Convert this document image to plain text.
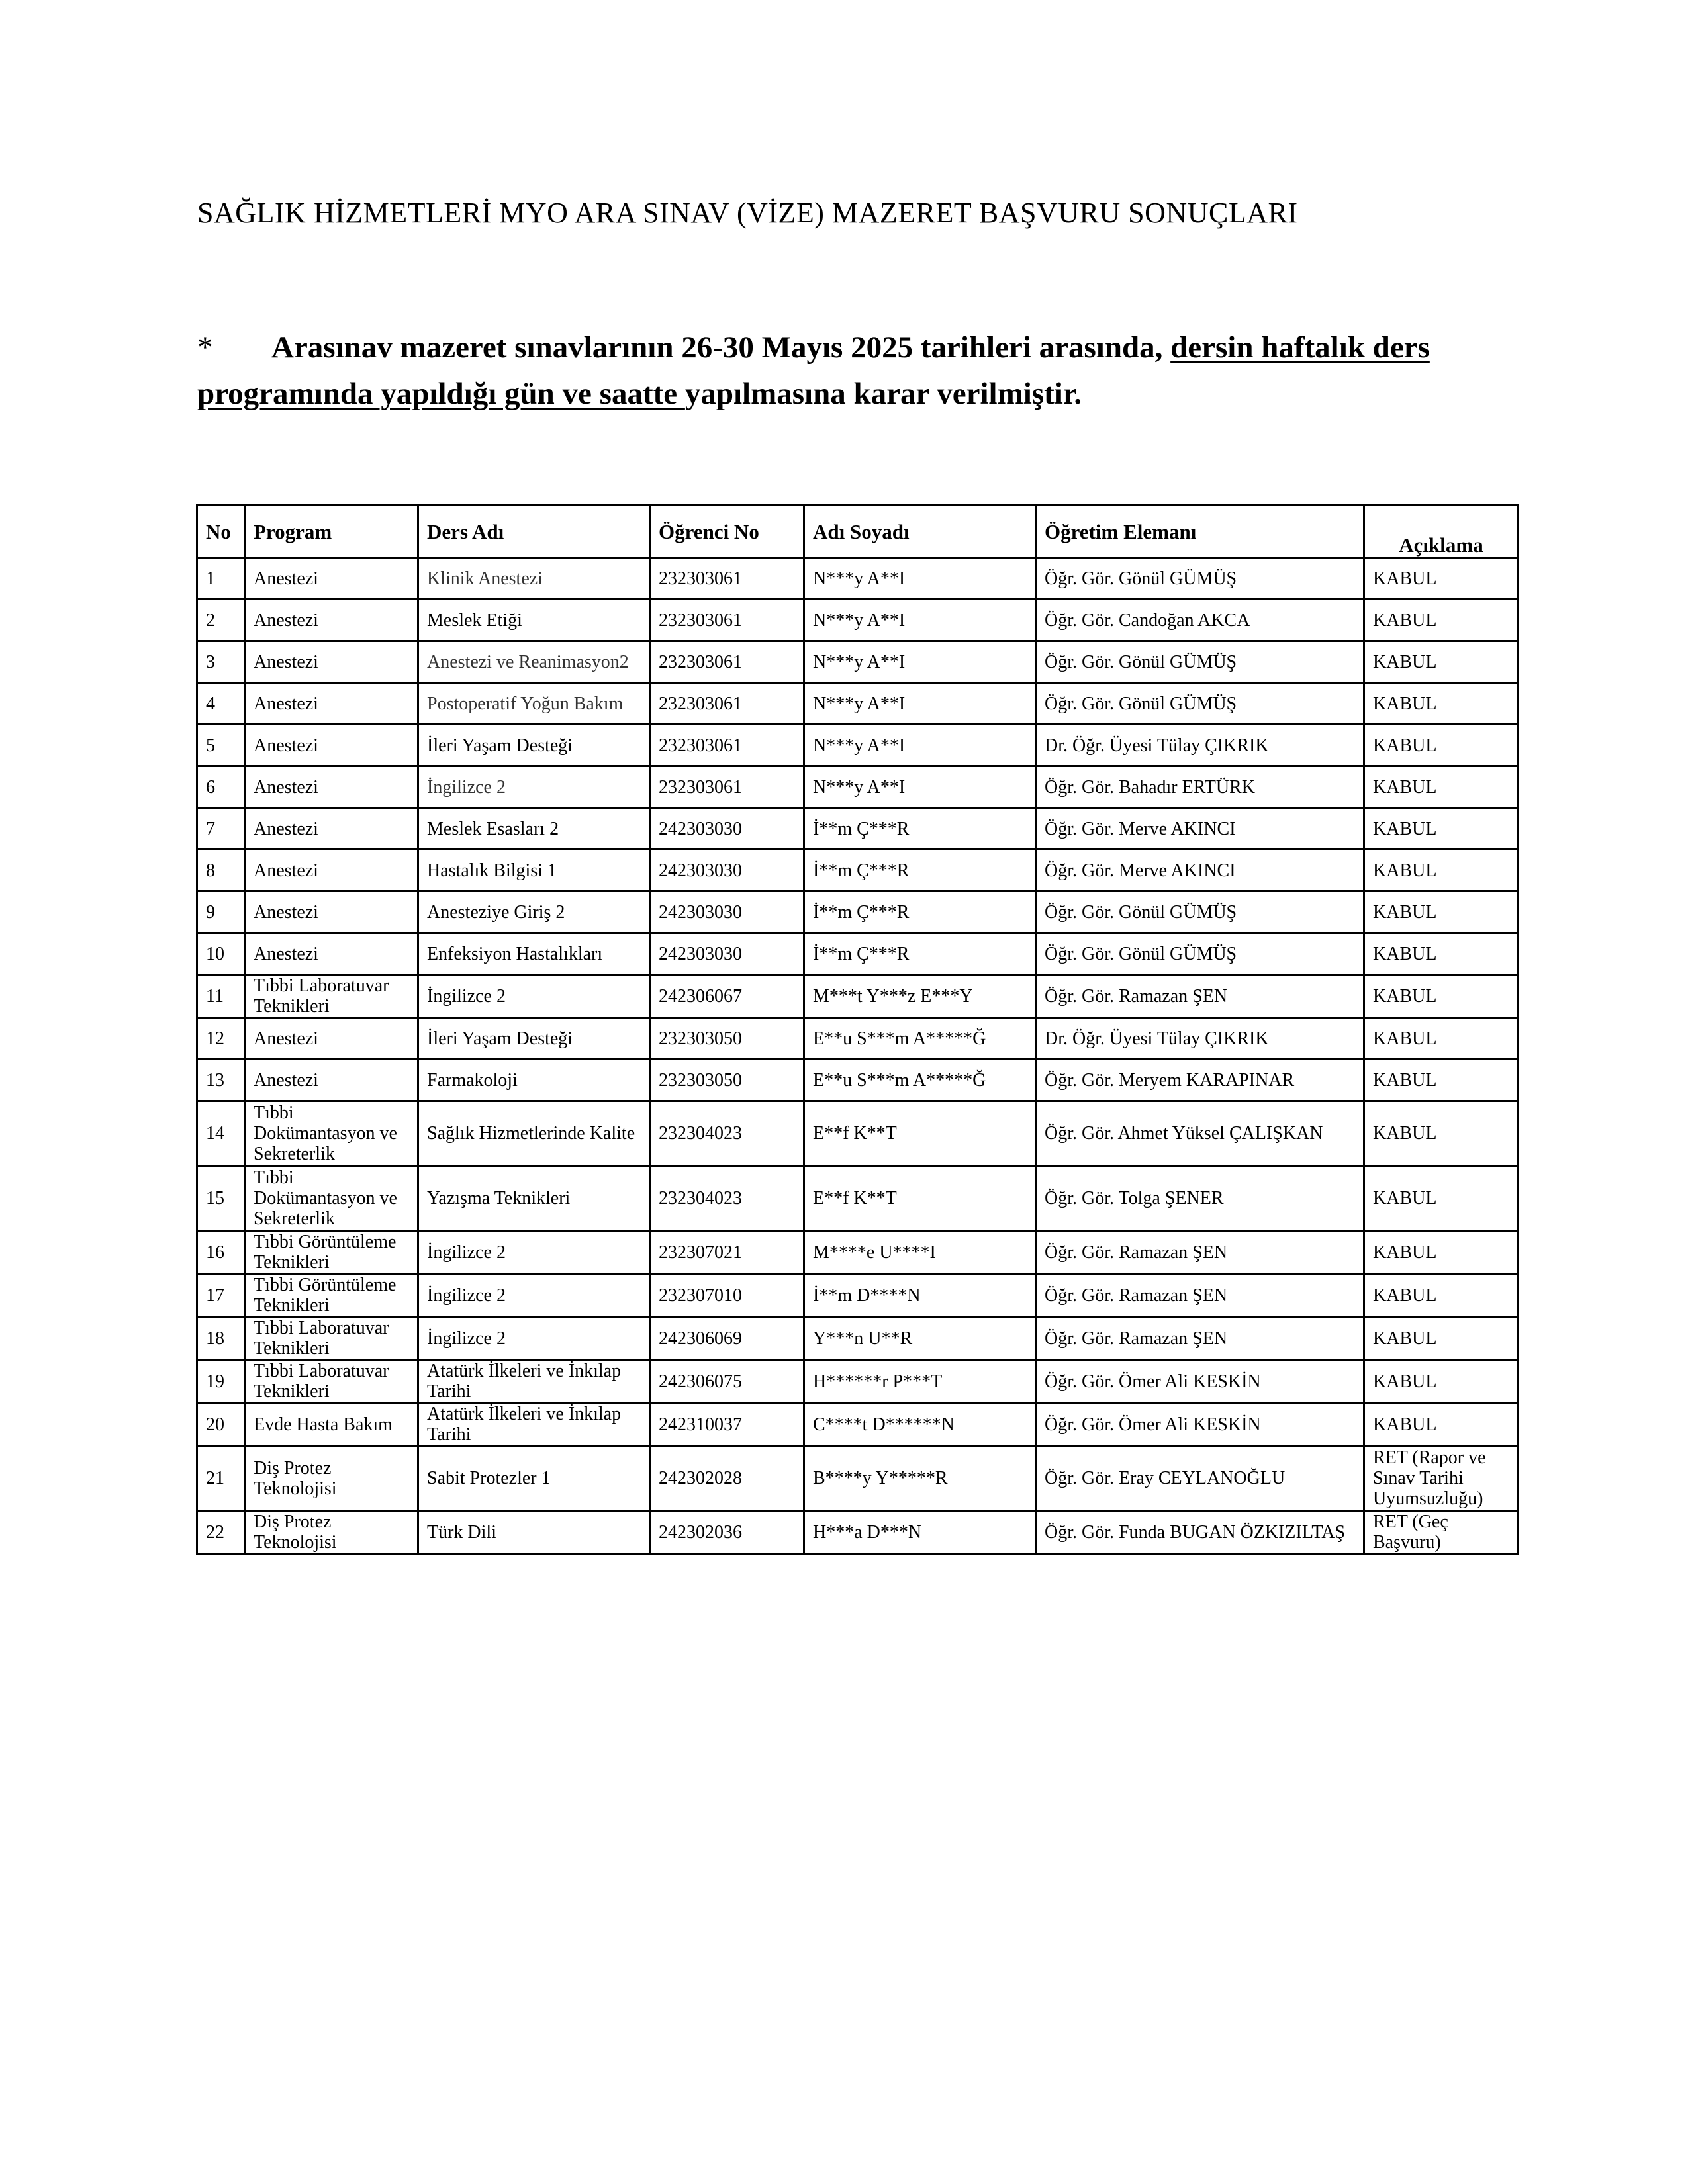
SAĞLIK HİZMETLERİ MYO ARA SINAV (VİZE) MAZERET BAŞVURU SONUÇLARI
* Arasınav mazeret sınavlarının 26-30 Mayıs 2025 tarihleri arasında, dersin haftalık ders programında yapıldığı gün ve saatte yapılmasına karar verilmiştir.
No	Program	Ders Adı	Öğrenci No	Adı Soyadı	Öğretim Elemanı	Açıklama
1	Anestezi	Klinik Anestezi	232303061	N***y A**I	Öğr. Gör. Gönül GÜMÜŞ	KABUL
2	Anestezi	Meslek Etiği	232303061	N***y A**I	Öğr. Gör. Candoğan AKCA	KABUL
3	Anestezi	Anestezi ve Reanimasyon2	232303061	N***y A**I	Öğr. Gör. Gönül GÜMÜŞ	KABUL
4	Anestezi	Postoperatif Yoğun Bakım	232303061	N***y A**I	Öğr. Gör. Gönül GÜMÜŞ	KABUL
5	Anestezi	İleri Yaşam Desteği	232303061	N***y A**I	Dr. Öğr. Üyesi Tülay ÇIKRIK	KABUL
6	Anestezi	İngilizce 2	232303061	N***y A**I	Öğr. Gör. Bahadır ERTÜRK	KABUL
7	Anestezi	Meslek Esasları 2	242303030	İ**m Ç***R	Öğr. Gör. Merve AKINCI	KABUL
8	Anestezi	Hastalık Bilgisi 1	242303030	İ**m Ç***R	Öğr. Gör. Merve AKINCI	KABUL
9	Anestezi	Anesteziye Giriş 2	242303030	İ**m Ç***R	Öğr. Gör. Gönül GÜMÜŞ	KABUL
10	Anestezi	Enfeksiyon Hastalıkları	242303030	İ**m Ç***R	Öğr. Gör. Gönül GÜMÜŞ	KABUL
11	Tıbbi Laboratuvar Teknikleri	İngilizce 2	242306067	M***t Y***z E***Y	Öğr. Gör. Ramazan ŞEN	KABUL
12	Anestezi	İleri Yaşam Desteği	232303050	E**u S***m A*****Ğ	Dr. Öğr. Üyesi Tülay ÇIKRIK	KABUL
13	Anestezi	Farmakoloji	232303050	E**u S***m A*****Ğ	Öğr. Gör. Meryem KARAPINAR	KABUL
14	Tıbbi Dokümantasyon ve Sekreterlik	Sağlık Hizmetlerinde Kalite	232304023	E**f K**T	Öğr. Gör. Ahmet Yüksel ÇALIŞKAN	KABUL
15	Tıbbi Dokümantasyon ve Sekreterlik	Yazışma Teknikleri	232304023	E**f K**T	Öğr. Gör. Tolga ŞENER	KABUL
16	Tıbbi Görüntüleme Teknikleri	İngilizce 2	232307021	M****e U****I	Öğr. Gör. Ramazan ŞEN	KABUL
17	Tıbbi Görüntüleme Teknikleri	İngilizce 2	232307010	İ**m D****N	Öğr. Gör. Ramazan ŞEN	KABUL
18	Tıbbi Laboratuvar Teknikleri	İngilizce 2	242306069	Y***n U**R	Öğr. Gör. Ramazan ŞEN	KABUL
19	Tıbbi Laboratuvar Teknikleri	Atatürk İlkeleri ve İnkılap Tarihi	242306075	H******r P***T	Öğr. Gör. Ömer Ali KESKİN	KABUL
20	Evde Hasta Bakım	Atatürk İlkeleri ve İnkılap Tarihi	242310037	C****t D******N	Öğr. Gör. Ömer Ali KESKİN	KABUL
21	Diş Protez Teknolojisi	Sabit Protezler 1	242302028	B****y Y*****R	Öğr. Gör. Eray CEYLANOĞLU	RET (Rapor ve Sınav Tarihi Uyumsuzluğu)
22	Diş Protez Teknolojisi	Türk Dili	242302036	H***a D***N	Öğr. Gör. Funda BUGAN ÖZKIZILTAŞ	RET (Geç Başvuru)
